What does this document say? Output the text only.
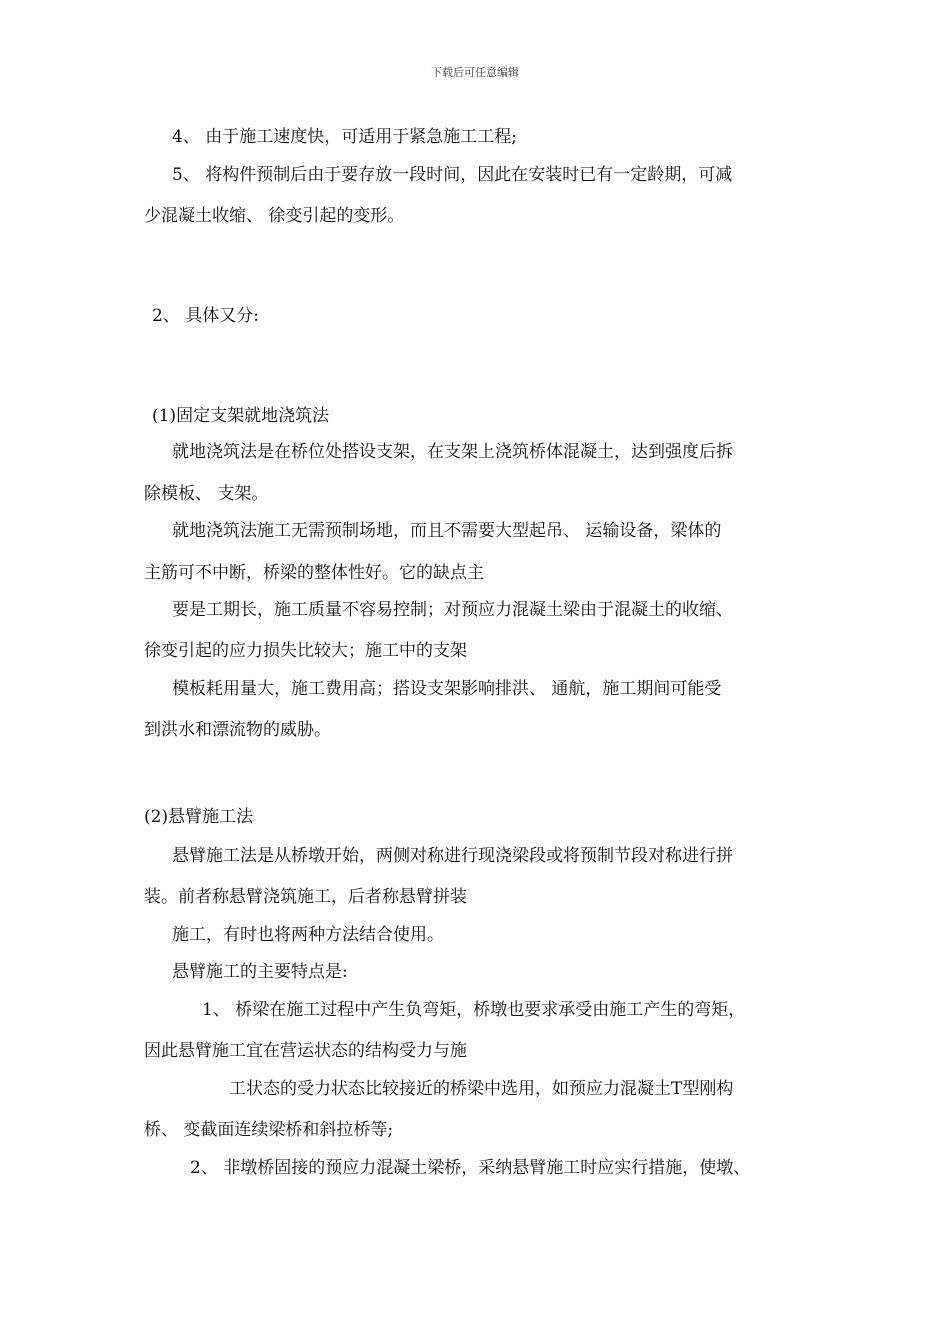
下载后可任意编辑
4、 由于施工速度快，可适用于紧急施工工程;
5、 将构件预制后由于要存放一段时间，因此在安装时已有一定龄期，可减
少混凝土收缩、 徐变引起的变形。
2、 具体又分:
(1)固定支架就地浇筑法
就地浇筑法是在桥位处搭设支架，在支架上浇筑桥体混凝土，达到强度后拆
除模板、 支架。
就地浇筑法施工无需预制场地，而且不需要大型起吊、 运输设备，梁体的
主筋可不中断，桥梁的整体性好。它的缺点主
要是工期长，施工质量不容易控制；对预应力混凝土梁由于混凝土的收缩、
徐变引起的应力损失比较大；施工中的支架
模板耗用量大，施工费用高；搭设支架影响排洪、 通航，施工期间可能受
到洪水和漂流物的威胁。
(2)悬臂施工法
悬臂施工法是从桥墩开始，两侧对称进行现浇梁段或将预制节段对称进行拼
装。前者称悬臂浇筑施工，后者称悬臂拼装
施工，有时也将两种方法结合使用。
悬臂施工的主要特点是:
1、 桥梁在施工过程中产生负弯矩，桥墩也要求承受由施工产生的弯矩，
因此悬臂施工宜在营运状态的结构受力与施
工状态的受力状态比较接近的桥梁中选用，如预应力混凝土T型刚构
桥、 变截面连续梁桥和斜拉桥等;
2、 非墩桥固接的预应力混凝土梁桥，采纳悬臂施工时应实行措施，使墩、
